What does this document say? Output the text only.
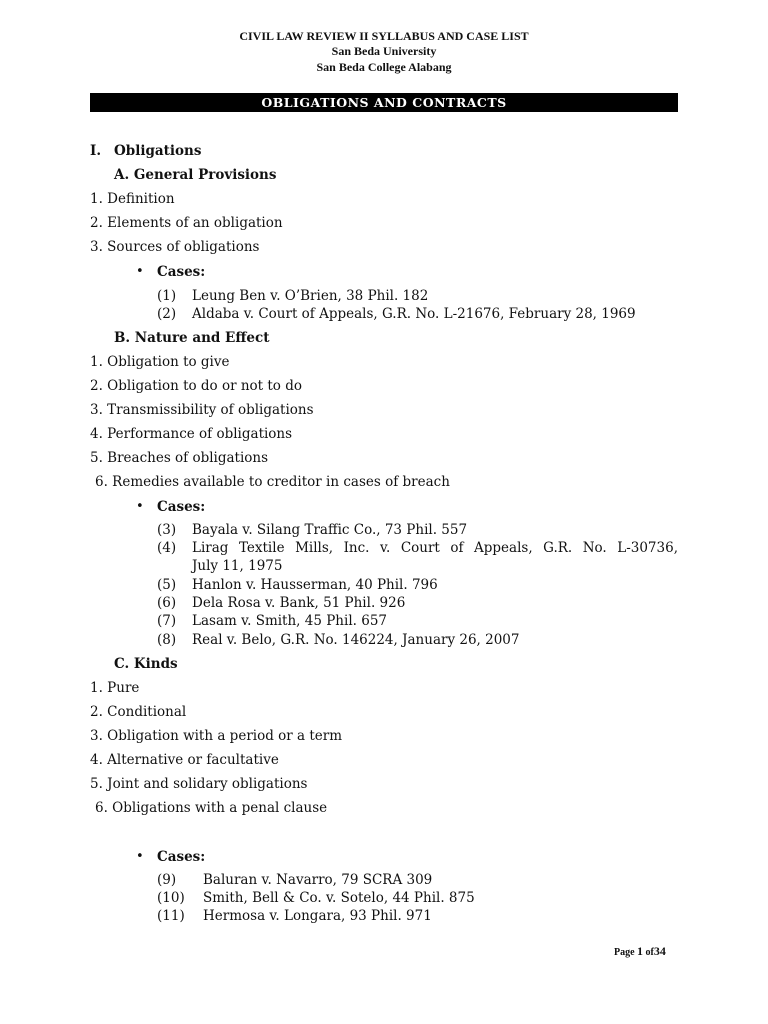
CIVIL LAW REVIEW II SYLLABUS AND CASE LIST
San Beda University
San Beda College Alabang
OBLIGATIONS AND CONTRACTS
I. Obligations
A. General Provisions
1. Definition
2. Elements of an obligation
3. Sources of obligations
• Cases:
(1) Leung Ben v. O’Brien, 38 Phil. 182
(2) Aldaba v. Court of Appeals, G.R. No. L-21676, February 28, 1969
B. Nature and Effect
1. Obligation to give
2. Obligation to do or not to do
3. Transmissibility of obligations
4. Performance of obligations
5. Breaches of obligations
6. Remedies available to creditor in cases of breach
• Cases:
(3) Bayala v. Silang Traffic Co., 73 Phil. 557
(4) Lirag Textile Mills, Inc. v. Court of Appeals, G.R. No. L-30736,
July 11, 1975
(5) Hanlon v. Hausserman, 40 Phil. 796
(6) Dela Rosa v. Bank, 51 Phil. 926
(7) Lasam v. Smith, 45 Phil. 657
(8) Real v. Belo, G.R. No. 146224, January 26, 2007
C. Kinds
1. Pure
2. Conditional
3. Obligation with a period or a term
4. Alternative or facultative
5. Joint and solidary obligations
6. Obligations with a penal clause
• Cases:
(9) Baluran v. Navarro, 79 SCRA 309
(10) Smith, Bell & Co. v. Sotelo, 44 Phil. 875
(11) Hermosa v. Longara, 93 Phil. 971
Page 1 of34
